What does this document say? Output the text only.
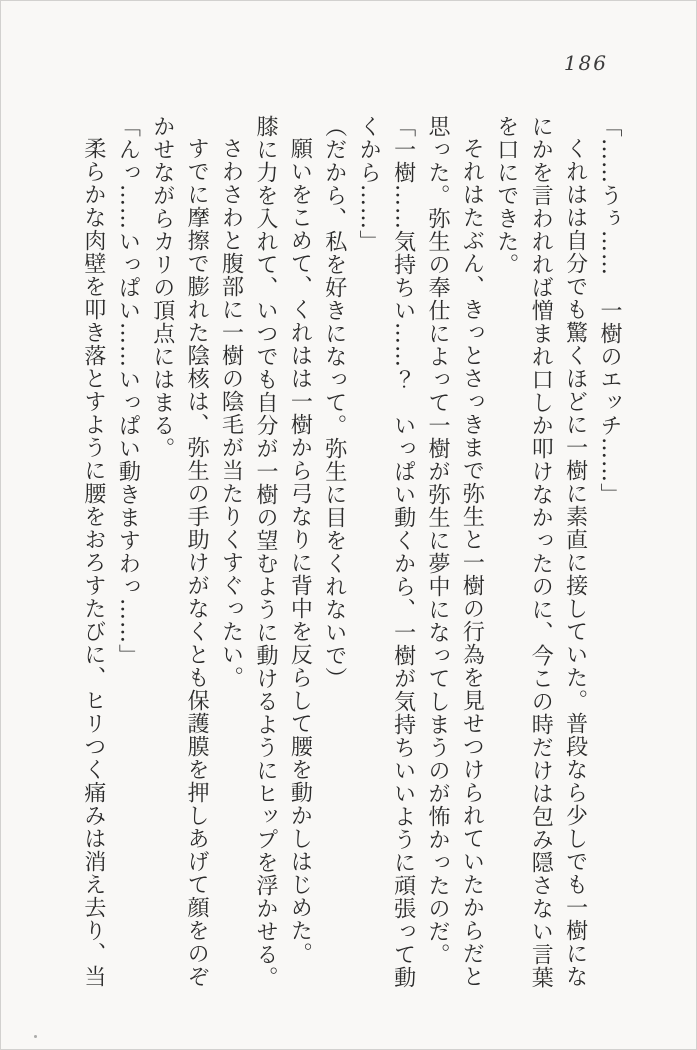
186

「……うぅ……　一樹のエッチ……」

くれはは自分でも驚くほどに一樹に素直に接していた。普段なら少しでも一樹になにかを言われれば憎まれ口しか叩けなかったのに、今この時だけは包み隠さない言葉を口にできた。

それはたぶん、きっとさっきまで弥生と一樹の行為を見せつけられていたからだと思った。弥生の奉仕によって一樹が弥生に夢中になってしまうのが怖かったのだ。

「一樹……気持ちい……？　いっぱい動くから、一樹が気持ちいいように頑張って動くから……」

（だから、私を好きになって。弥生に目をくれないで）

願いをこめて、くれはは一樹から弓なりに背中を反らして腰を動かしはじめた。

膝に力を入れて、いつでも自分が一樹の望むように動けるようにヒップを浮かせる。

さわさわと腹部に一樹の陰毛が当たりくすぐったい。

すでに摩擦で膨れた陰核は、弥生の手助けがなくとも保護膜を押しあげて顔をのぞかせながらカリの頂点にはまる。

「んっ……いっぱい……いっぱい動きますわっ……」

柔らかな肉壁を叩き落とすように腰をおろすたびに、ヒリつく痛みは消え去り、当
